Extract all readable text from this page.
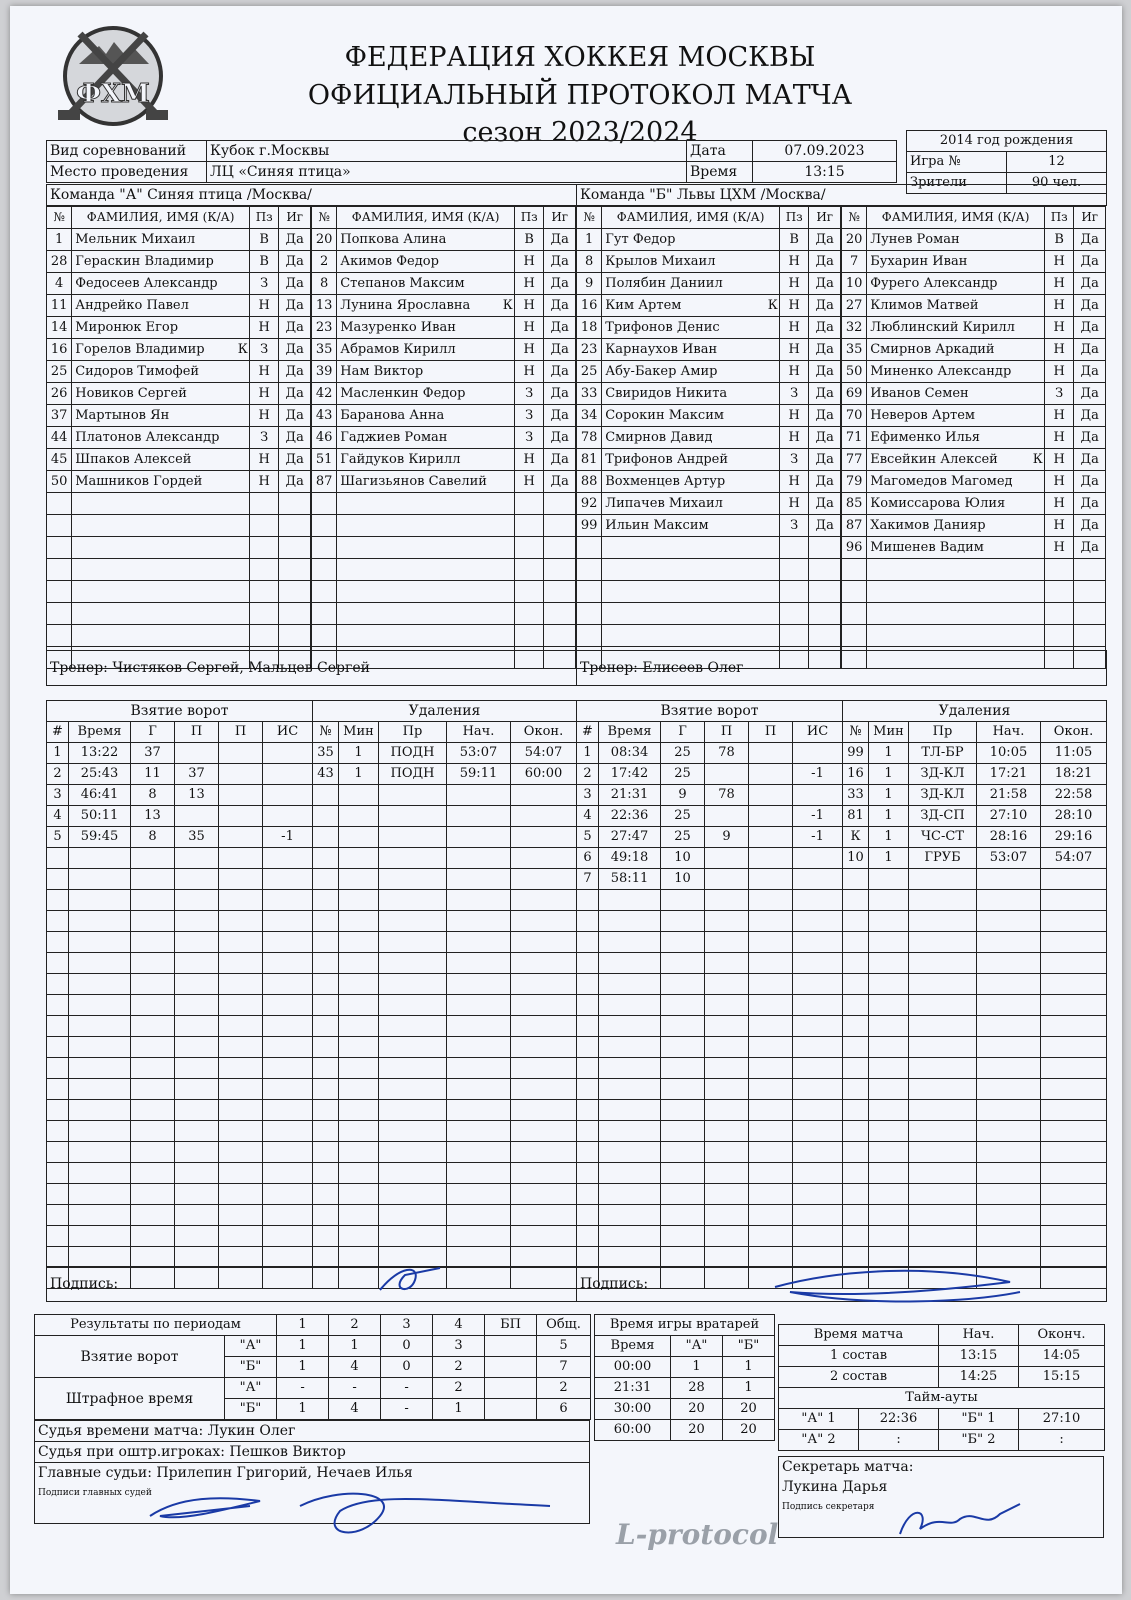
ФХМ
ФЕДЕРАЦИЯ ХОККЕЯ МОСКВЫ
ОФИЦИАЛЬНЫЙ ПРОТОКОЛ МАТЧА
сезон 2023/2024	2014 год рождения	
Игра №	12
Зрители	90 чел.
Вид соревнований	Кубок г.Москвы	Дата	07.09.2023
Место проведения	ЛЦ «Синяя птица»	Время	13:15
Команда "А" Синяя птица /Москва/	Команда "Б" Львы ЦХМ /Москва/
№	ФАМИЛИЯ, ИМЯ (К/А)		Пз	Иг
1	Мельник Михаил		В	Да
28	Гераскин Владимир		В	Да
4	Федосеев Александр		З	Да
11	Андрейко Павел		Н	Да
14	Миронюк Егор		Н	Да
16	Горелов Владимир	К	З	Да
25	Сидоров Тимофей		Н	Да
26	Новиков Сергей		Н	Да
37	Мартынов Ян		Н	Да
44	Платонов Александр		З	Да
45	Шпаков Алексей		Н	Да
50	Машников Гордей		Н	Да

№	ФАМИЛИЯ, ИМЯ (К/А)		Пз	Иг
20	Попкова Алина		В	Да
2	Акимов Федор		Н	Да
8	Степанов Максим		Н	Да
13	Лунина Ярославна	К	Н	Да
23	Мазуренко Иван		Н	Да
35	Абрамов Кирилл		Н	Да
39	Нам Виктор		Н	Да
42	Масленкин Федор		З	Да
43	Баранова Анна		З	Да
46	Гаджиев Роман		З	Да
51	Гайдуков Кирилл		Н	Да
87	Шагизьянов Савелий		Н	Да

№	ФАМИЛИЯ, ИМЯ (К/А)		Пз	Иг
1	Гут Федор		В	Да
8	Крылов Михаил		Н	Да
9	Полябин Даниил		Н	Да
16	Ким Артем	К	Н	Да
18	Трифонов Денис		Н	Да
23	Карнаухов Иван		Н	Да
25	Абу-Бакер Амир		Н	Да
33	Свиридов Никита		З	Да
34	Сорокин Максим		Н	Да
78	Смирнов Давид		Н	Да
81	Трифонов Андрей		З	Да
88	Вохменцев Артур		Н	Да
92	Липачев Михаил		Н	Да
99	Ильин Максим		З	Да

№	ФАМИЛИЯ, ИМЯ (К/А)		Пз	Иг
20	Лунев Роман		В	Да
7	Бухарин Иван		Н	Да
10	Фурего Александр		Н	Да
27	Климов Матвей		Н	Да
32	Люблинский Кирилл		Н	Да
35	Смирнов Аркадий		Н	Да
50	Миненко Александр		Н	Да
69	Иванов Семен		З	Да
70	Неверов Артем		Н	Да
71	Ефименко Илья		Н	Да
77	Евсейкин Алексей	К	Н	Да
79	Магомедов Магомед		Н	Да
85	Комиссарова Юлия		Н	Да
87	Хакимов Данияр		Н	Да
96	Мишенев Вадим		Н	Да

Тренер: Чистяков Сергей, Мальцев Сергей	Тренер: Елисеев Олег
Взятие ворот					
#	Время	Г	П	П	ИС
1	13:22	37			
2	25:43	11	37		
3	46:41	8	13		
4	50:11	13			
5	59:45	8	35		-1

Удаления				
№	Мин	Пр	Нач.	Окон.
35	1	ПОДН	53:07	54:07
43	1	ПОДН	59:11	60:00

Взятие ворот					
#	Время	Г	П	П	ИС
1	08:34	25	78		
2	17:42	25			-1
3	21:31	9	78		
4	22:36	25			-1
5	27:47	25	9		-1
6	49:18	10			
7	58:11	10			

Удаления				
№	Мин	Пр	Нач.	Окон.
99	1	ТЛ-БР	10:05	11:05
16	1	ЗД-КЛ	17:21	18:21
33	1	ЗД-КЛ	21:58	22:58
81	1	ЗД-СП	27:10	28:10
К	1	ЧС-СТ	28:16	29:16
10	1	ГРУБ	53:07	54:07

Подпись:	Подпись:
Результаты по периодам		1	2	3	4	БП	Общ.
Взятие ворот	"А"	1	1	0	3		5
	"Б"	1	4	0	2		7
Штрафное время	"А"	-	-	-	2		2
	"Б"	1	4	-	1		6
Время игры вратарей		
Время	"А"	"Б"
00:00	1	1
21:31	28	1
30:00	20	20
60:00	20	20
Время матча		Нач.	Оконч.
1 состав		13:15	14:05
2 состав		14:25	15:15
Тайм-ауты			
"А" 1	22:36	"Б" 1	27:10
"А" 2	:	"Б" 2	:
Судья времени матча: Лукин Олег
Судья при оштр.игроках: Пешков Виктор

Главные судьи: Прилепин Григорий, Нечаев Илья
Подписи главных судей
Секретарь матча:
Лукина Дарья
Подпись секретаря
L-protocol
